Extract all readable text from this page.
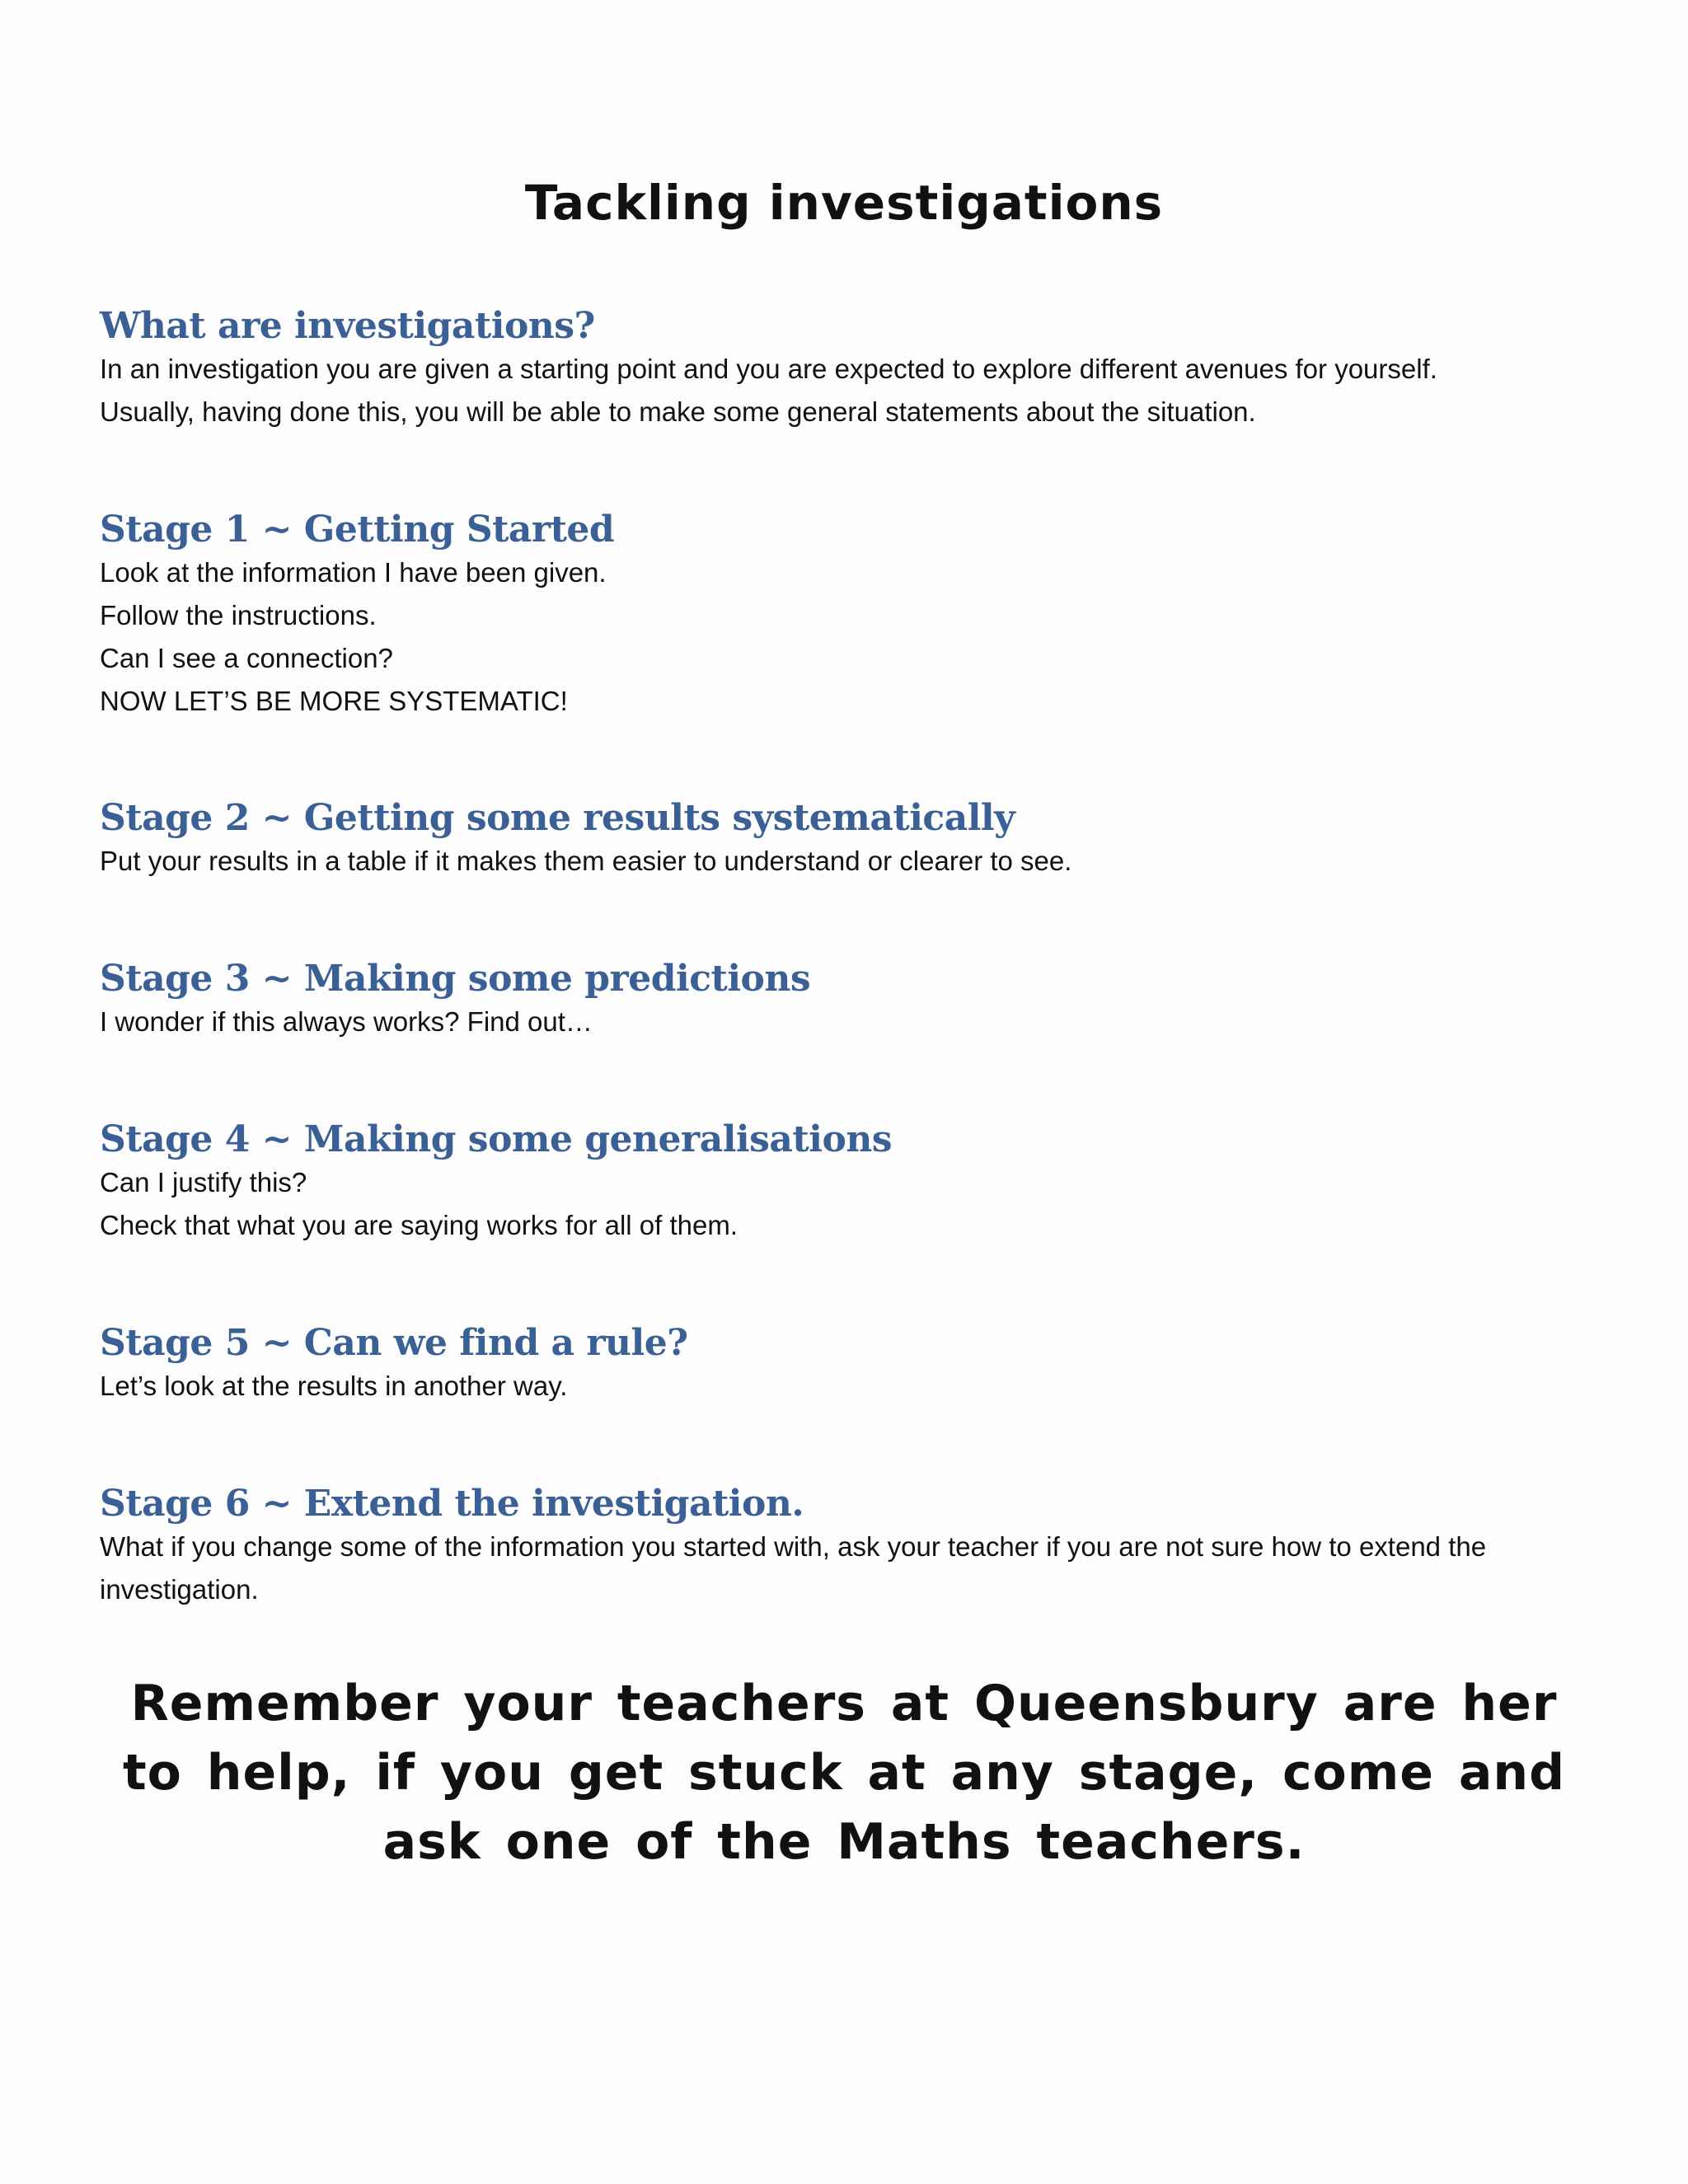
Tackling investigations

What are investigations?

In an investigation you are given a starting point and you are expected to explore different avenues for yourself.

Usually, having done this, you will be able to make some general statements about the situation.

Stage 1 ~ Getting Started

Look at the information I have been given.

Follow the instructions.

Can I see a connection?

NOW LET’S BE MORE SYSTEMATIC!

Stage 2 ~ Getting some results systematically

Put your results in a table if it makes them easier to understand or clearer to see.

Stage 3 ~ Making some predictions

I wonder if this always works? Find out…

Stage 4 ~ Making some generalisations

Can I justify this?

Check that what you are saying works for all of them.

Stage 5 ~ Can we find a rule?

Let’s look at the results in another way.

Stage 6 ~ Extend the investigation.

What if you change some of the information you started with, ask your teacher if you are not sure how to extend the

investigation.

Remember your teachers at Queensbury are her to help, if you get stuck at any stage, come and ask one of the Maths teachers.
